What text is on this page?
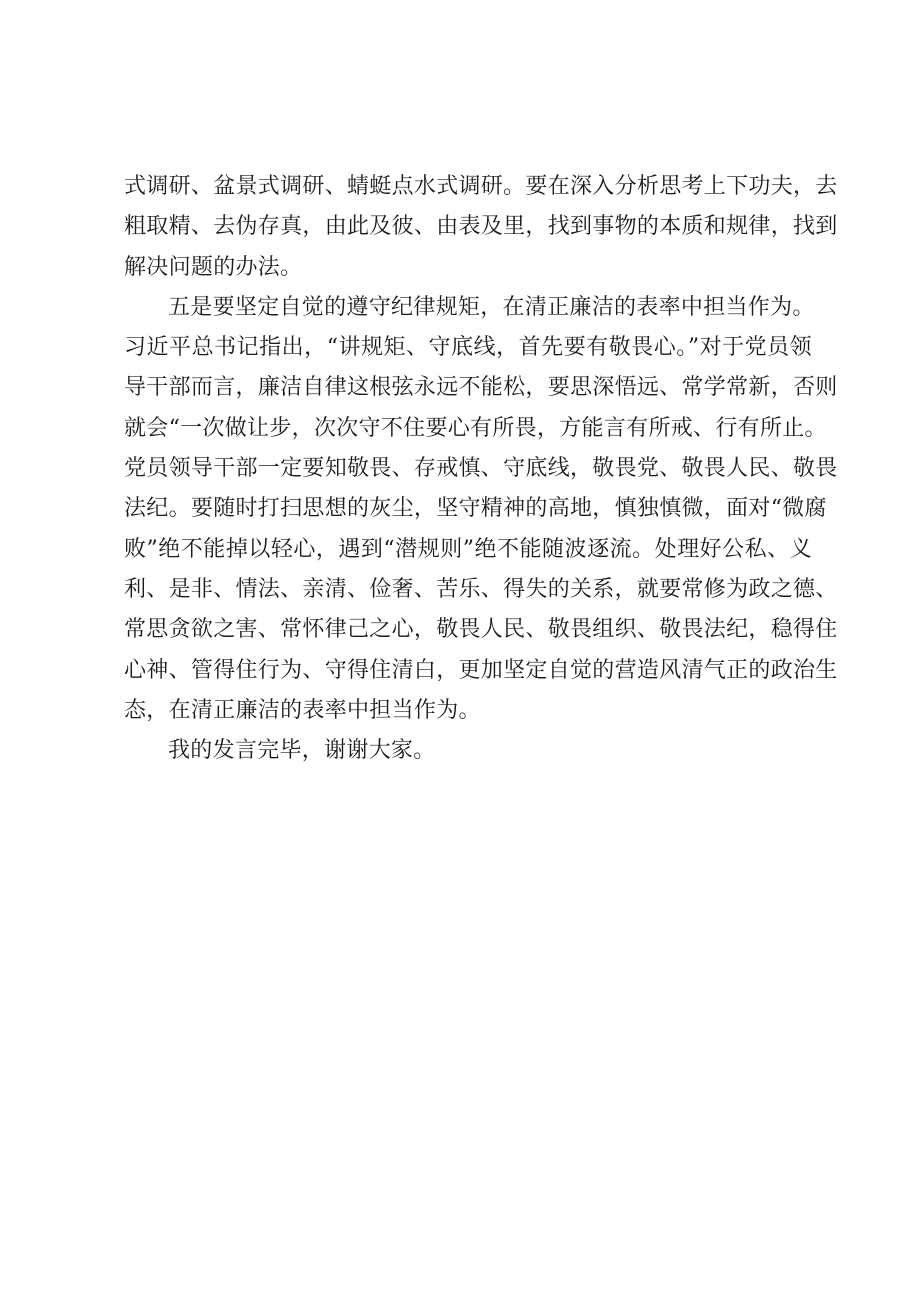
式调研、盆景式调研、蜻蜓点水式调研。要在深入分析思考上下功夫，去
粗取精、去伪存真，由此及彼、由表及里，找到事物的本质和规律，找到
解决问题的办法。
五是要坚定自觉的遵守纪律规矩，在清正廉洁的表率中担当作为。
习近平总书记指出，“讲规矩、守底线，首先要有敬畏心。”对于党员领
导干部而言，廉洁自律这根弦永远不能松，要思深悟远、常学常新，否则
就会“一次做让步，次次守不住要心有所畏，方能言有所戒、行有所止。
党员领导干部一定要知敬畏、存戒慎、守底线，敬畏党、敬畏人民、敬畏
法纪。要随时打扫思想的灰尘，坚守精神的高地，慎独慎微，面对“微腐
败”绝不能掉以轻心，遇到“潜规则”绝不能随波逐流。处理好公私、义
利、是非、情法、亲清、俭奢、苦乐、得失的关系，就要常修为政之德、
常思贪欲之害、常怀律己之心，敬畏人民、敬畏组织、敬畏法纪，稳得住
心神、管得住行为、守得住清白，更加坚定自觉的营造风清气正的政治生
态，在清正廉洁的表率中担当作为。
我的发言完毕，谢谢大家。
